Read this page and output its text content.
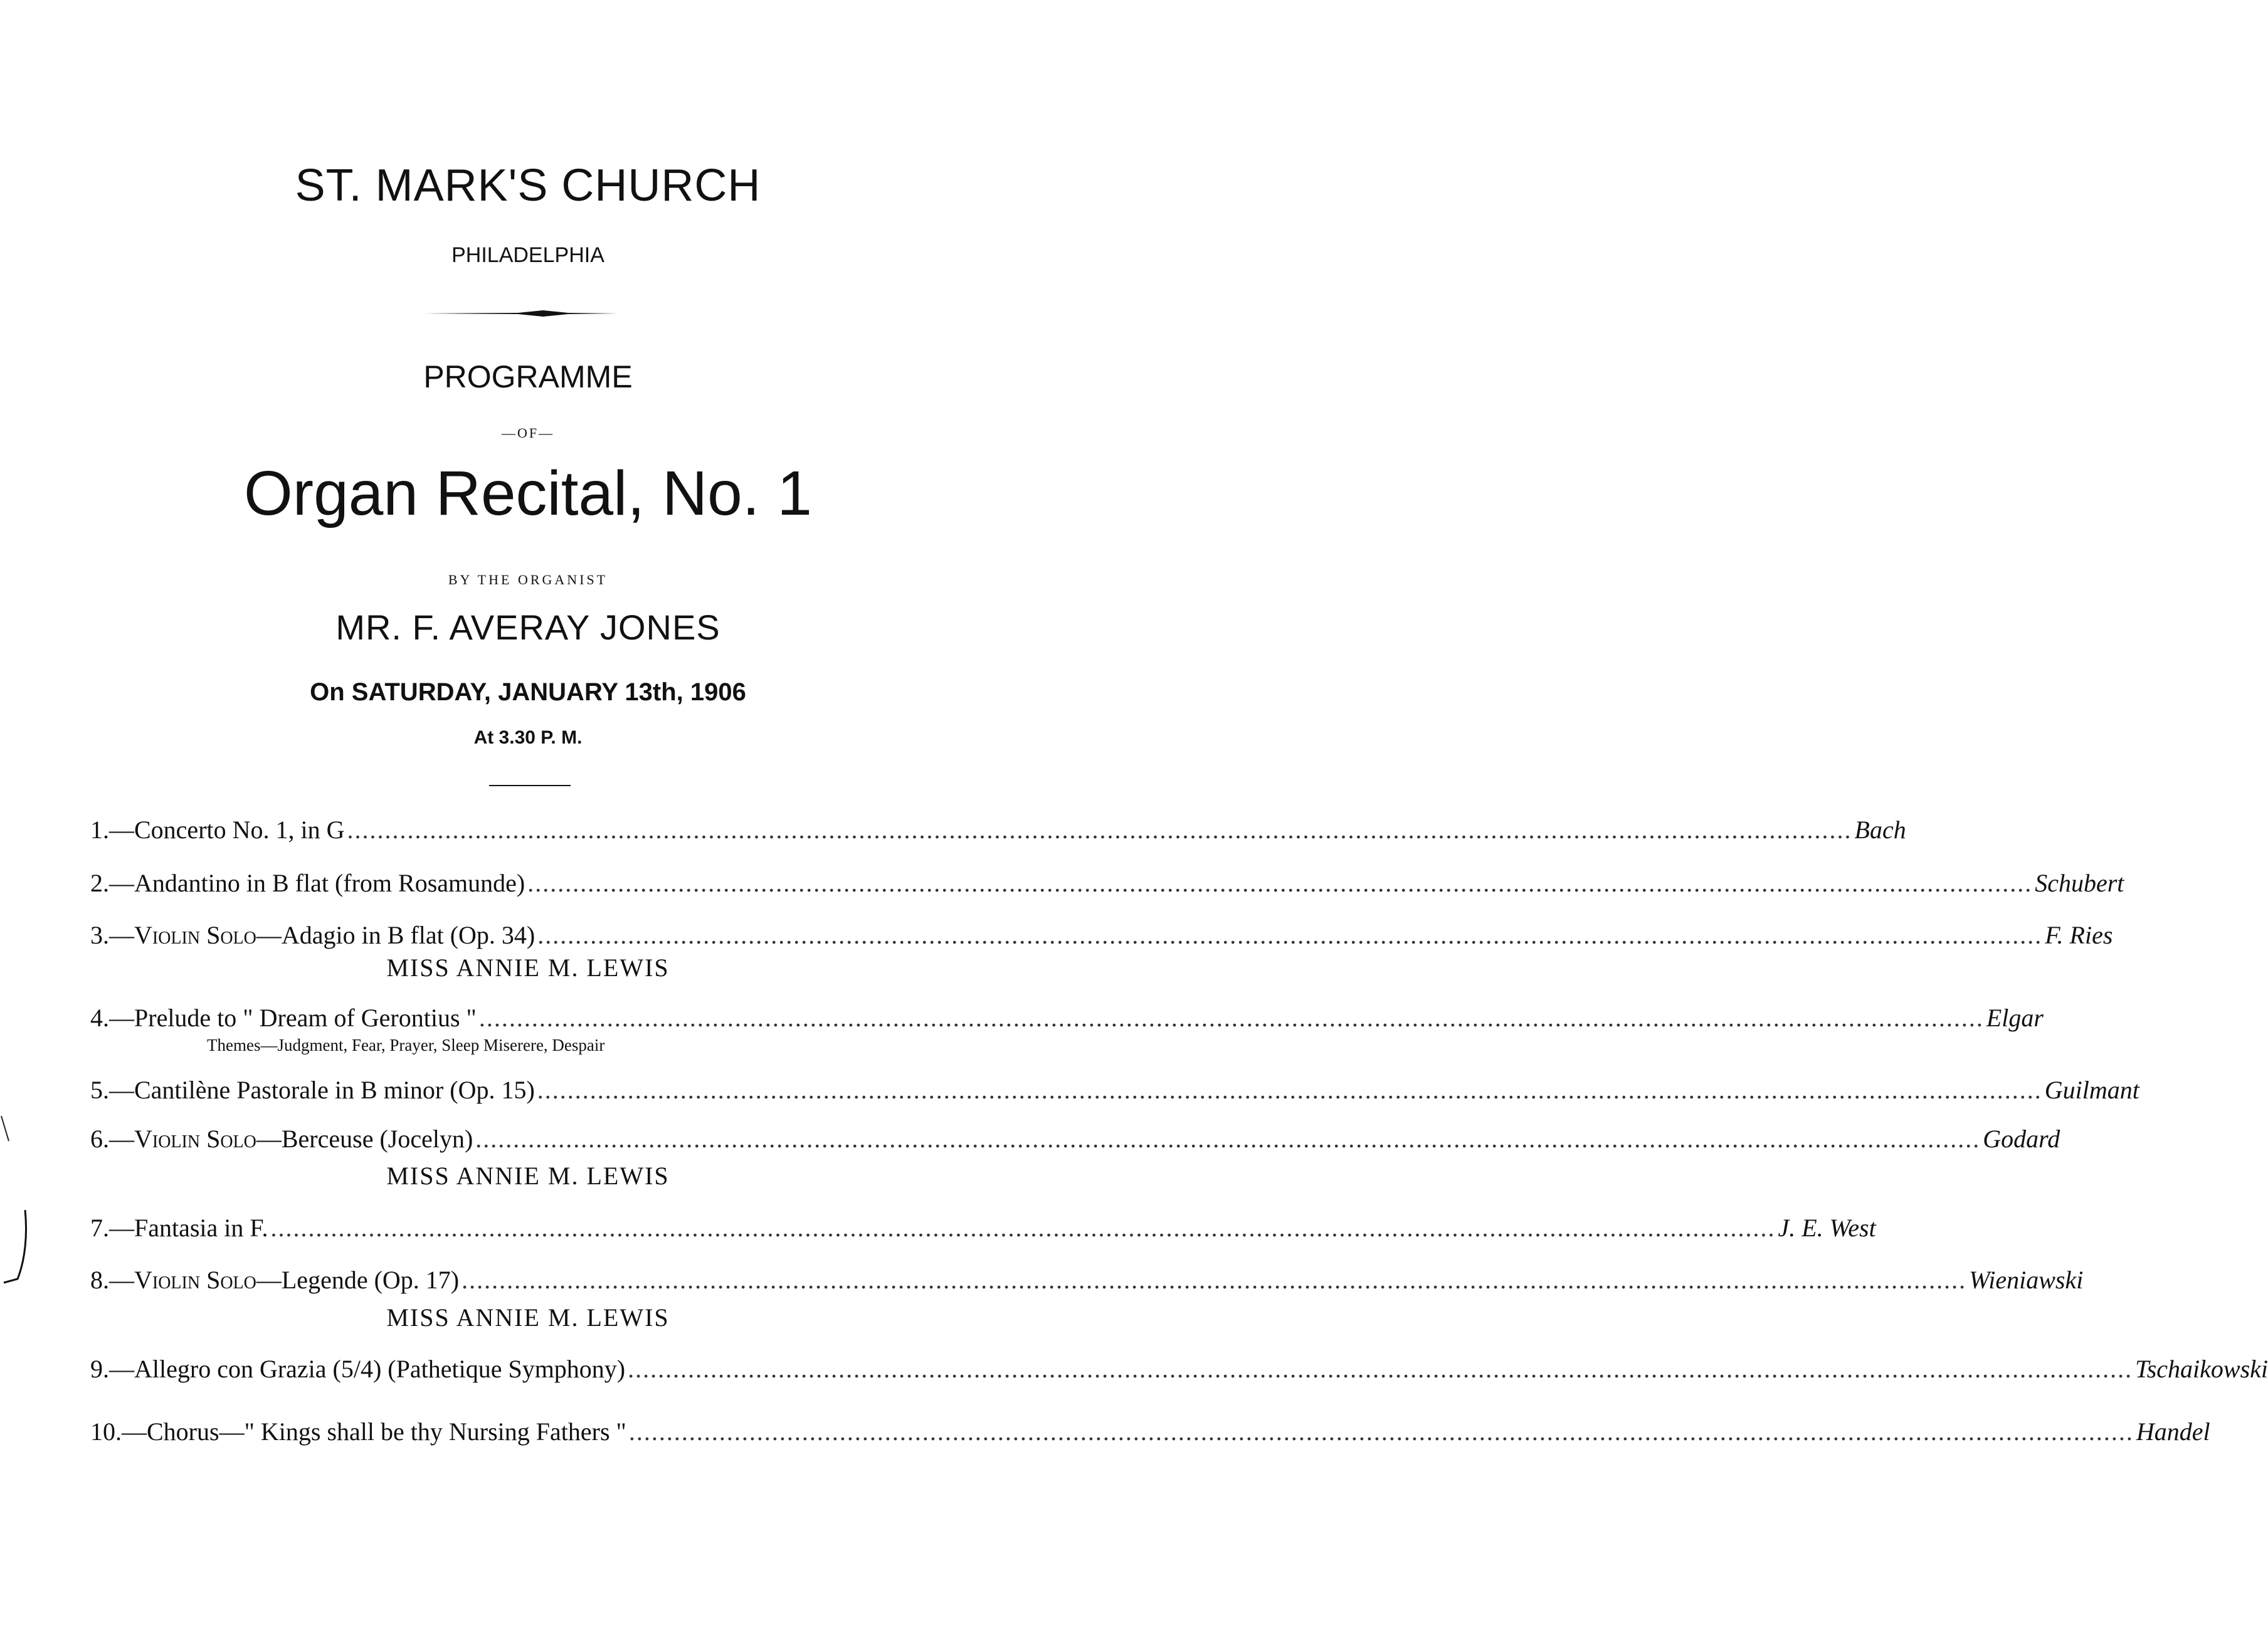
ST. MARK'S CHURCH
PHILADELPHIA
PROGRAMME
—OF—
Organ Recital, No. 1
BY THE ORGANIST
MR. F. AVERAY JONES
On SATURDAY, JANUARY 13th, 1906
At 3.30 P. M.
1.— Concerto No. 1, in G ........................................................................................................................................................................................................ Bach
2.— Andantino in B flat (from Rosamunde) ........................................................................................................................................................................................................ Schubert
3.— Violin Solo —Adagio in B flat (Op. 34) ........................................................................................................................................................................................................ F. Ries
MISS ANNIE M. LEWIS
4.— Prelude to " Dream of Gerontius " ........................................................................................................................................................................................................ Elgar
Themes—Judgment, Fear, Prayer, Sleep Miserere, Despair
5.— Cantilène Pastorale in B minor (Op. 15) ........................................................................................................................................................................................................ Guilmant
6.— Violin Solo —Berceuse (Jocelyn) ........................................................................................................................................................................................................ Godard
MISS ANNIE M. LEWIS
7.— Fantasia in F. ........................................................................................................................................................................................................ J. E. West
8.— Violin Solo —Legende (Op. 17) ........................................................................................................................................................................................................ Wieniawski
MISS ANNIE M. LEWIS
9.— Allegro con Grazia (5/4) (Pathetique Symphony) ........................................................................................................................................................................................................ Tschaikowski
10.— Chorus—" Kings shall be thy Nursing Fathers " ........................................................................................................................................................................................................ Handel
